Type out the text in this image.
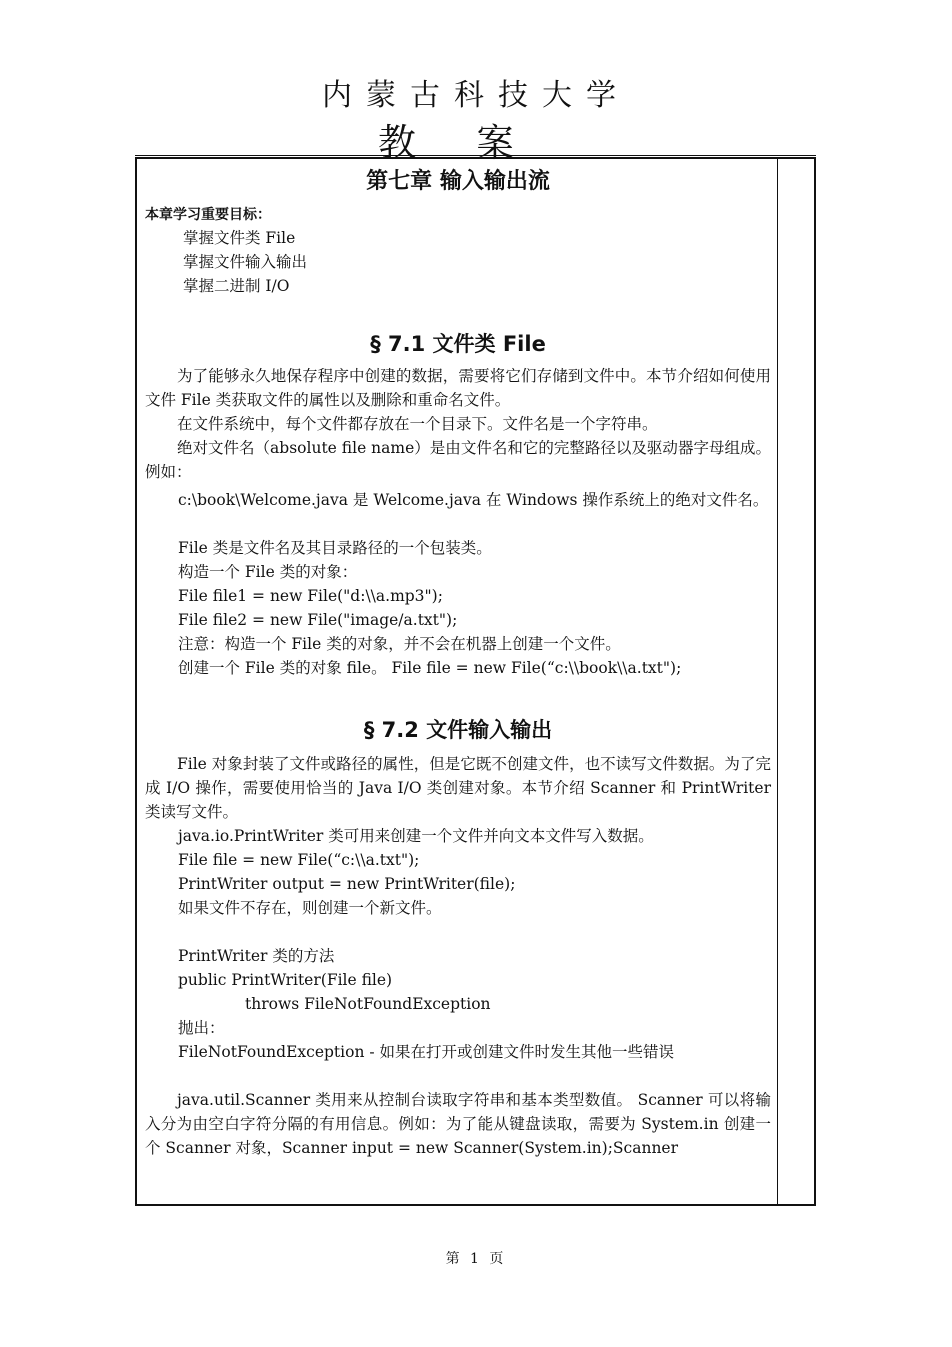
内蒙古科技大学
教案

第七章 输入输出流

本章学习重要目标：

掌握文件类 File

掌握文件输入输出

掌握二进制 I/O

§ 7.1 文件类 File

为了能够永久地保存程序中创建的数据，需要将它们存储到文件中。本节介绍如何使用文件 File 类获取文件的属性以及删除和重命名文件。

在文件系统中，每个文件都存放在一个目录下。文件名是一个字符串。

绝对文件名（absolute file name）是由文件名和它的完整路径以及驱动器字母组成。例如：

c:\book\Welcome.java 是 Welcome.java 在 Windows 操作系统上的绝对文件名。

File 类是文件名及其目录路径的一个包装类。

构造一个 File 类的对象：

File file1 = new File("d:\\a.mp3");

File file2 = new File("image/a.txt");

注意：构造一个 File 类的对象，并不会在机器上创建一个文件。

创建一个 File 类的对象 file。 File file = new File(“c:\\book\\a.txt");

§ 7.2 文件输入输出

File 对象封装了文件或路径的属性，但是它既不创建文件，也不读写文件数据。为了完成 I/O 操作，需要使用恰当的 Java I/O 类创建对象。本节介绍 Scanner 和 PrintWriter 类读写文件。

java.io.PrintWriter 类可用来创建一个文件并向文本文件写入数据。

File file = new File(“c:\\a.txt");

PrintWriter output = new PrintWriter(file);

如果文件不存在，则创建一个新文件。

PrintWriter 类的方法

public PrintWriter(File file)

throws FileNotFoundException

抛出：

FileNotFoundException - 如果在打开或创建文件时发生其他一些错误

java.util.Scanner 类用来从控制台读取字符串和基本类型数值。 Scanner 可以将输入分为由空白字符分隔的有用信息。例如：为了能从键盘读取，需要为 System.in 创建一个 Scanner 对象，Scanner input = new Scanner(System.in);Scanner

第 1 页
